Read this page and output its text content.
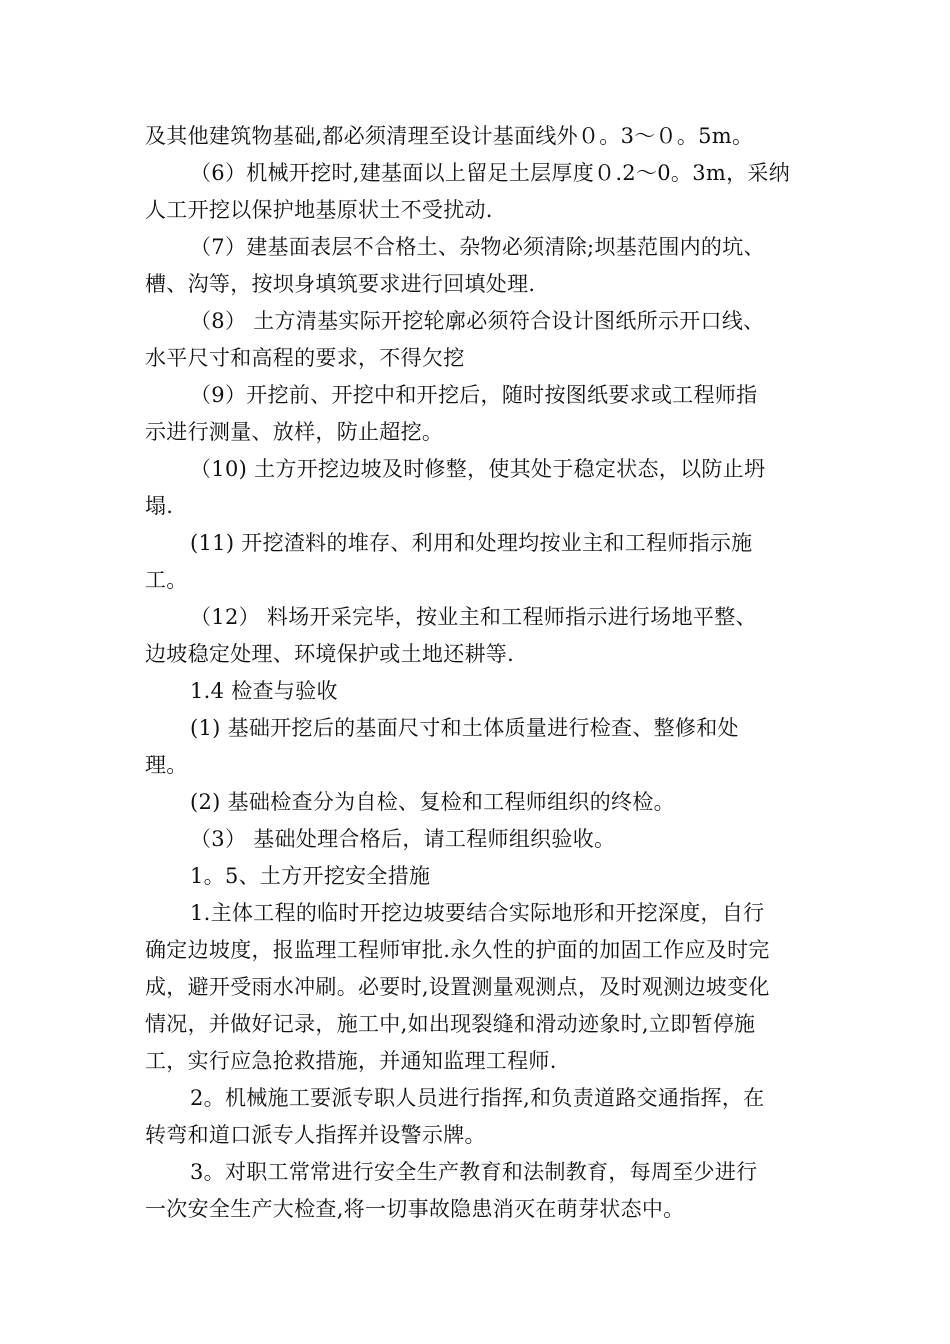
及其他建筑物基础,都必须清理至设计基面线外０。3～０。5m。
（6）机械开挖时,建基面以上留足土层厚度０.2～0。3m，采纳
人工开挖以保护地基原状土不受扰动.
（7）建基面表层不合格土、杂物必须清除;坝基范围内的坑、
槽、沟等，按坝身填筑要求进行回填处理.
（8） 土方清基实际开挖轮廓必须符合设计图纸所示开口线、
水平尺寸和高程的要求，不得欠挖
（9）开挖前、开挖中和开挖后，随时按图纸要求或工程师指
示进行测量、放样，防止超挖。
（10) 土方开挖边坡及时修整，使其处于稳定状态，以防止坍
塌.
(11) 开挖渣料的堆存、利用和处理均按业主和工程师指示施
工。
（12） 料场开采完毕，按业主和工程师指示进行场地平整、
边坡稳定处理、环境保护或土地还耕等.
1.4 检查与验收
(1) 基础开挖后的基面尺寸和土体质量进行检查、整修和处
理。
(2) 基础检查分为自检、复检和工程师组织的终检。
（3） 基础处理合格后，请工程师组织验收。
1。5、土方开挖安全措施
1.主体工程的临时开挖边坡要结合实际地形和开挖深度，自行
确定边坡度，报监理工程师审批.永久性的护面的加固工作应及时完
成，避开受雨水冲刷。必要时,设置测量观测点，及时观测边坡变化
情况，并做好记录，施工中,如出现裂缝和滑动迹象时,立即暂停施
工，实行应急抢救措施，并通知监理工程师.
2。机械施工要派专职人员进行指挥,和负责道路交通指挥，在
转弯和道口派专人指挥并设警示牌。
3。对职工常常进行安全生产教育和法制教育，每周至少进行
一次安全生产大检查,将一切事故隐患消灭在萌芽状态中。
